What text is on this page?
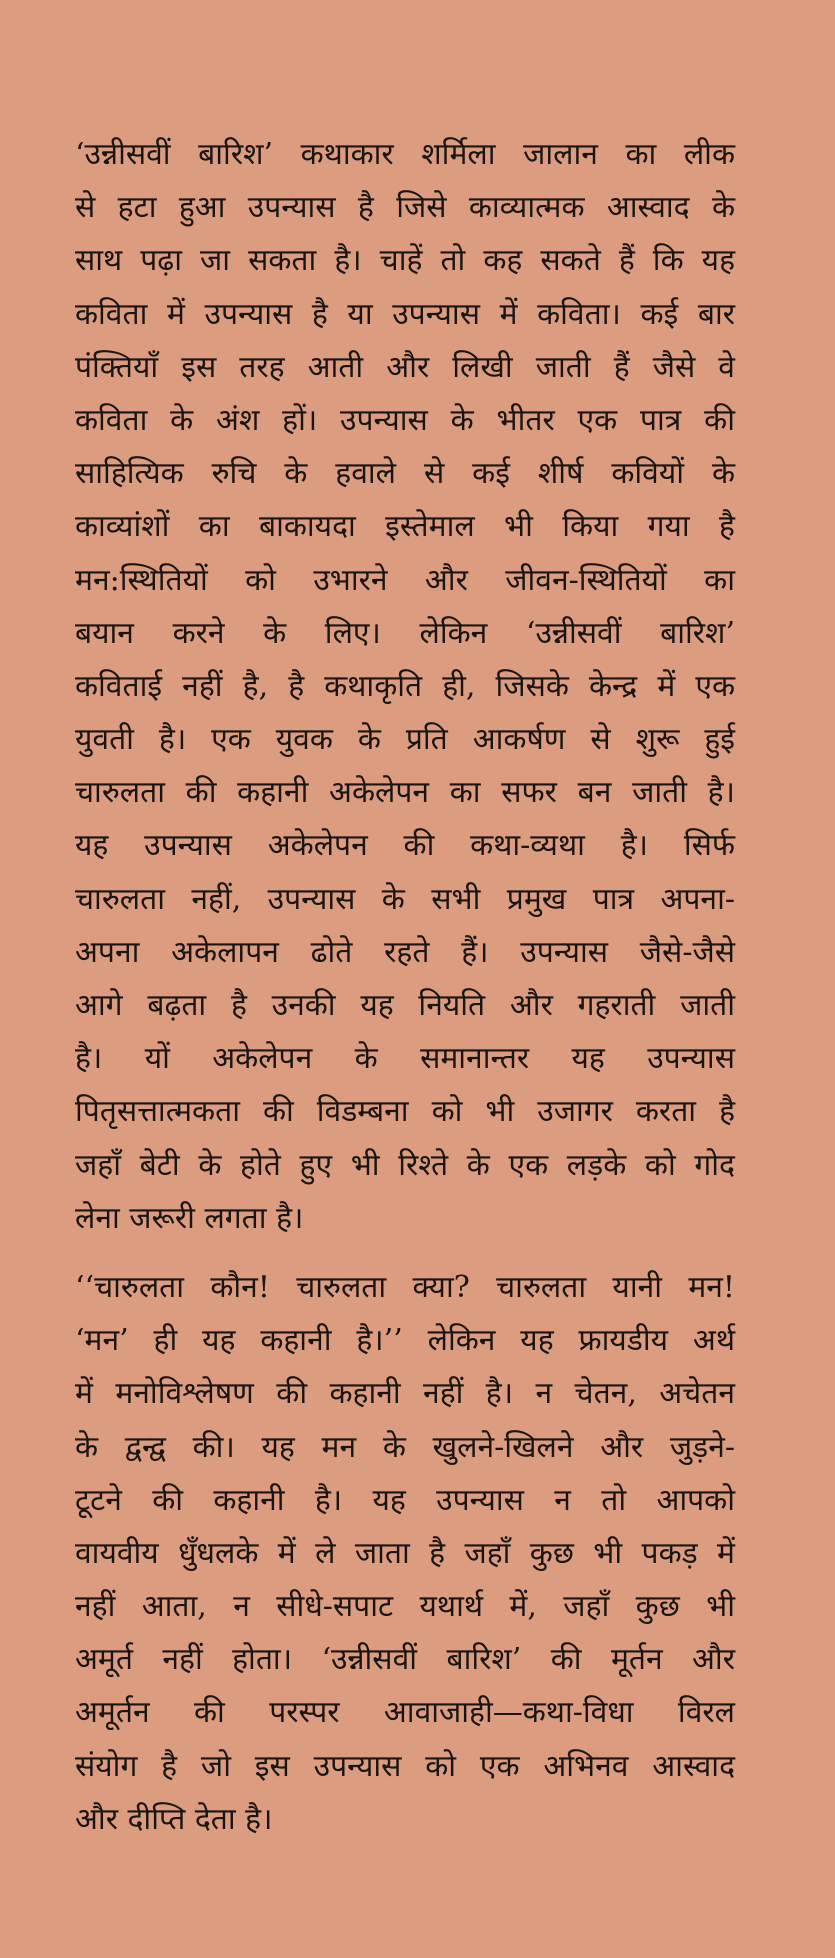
‘उन्नीसवीं बारिश’ कथाकार शर्मिला जालान का लीक
से हटा हुआ उपन्यास है जिसे काव्यात्मक आस्वाद के
साथ पढ़ा जा सकता है। चाहें तो कह सकते हैं कि यह
कविता में उपन्यास है या उपन्यास में कविता। कई बार
पंक्तियाँ इस तरह आती और लिखी जाती हैं जैसे वे
कविता के अंश हों। उपन्यास के भीतर एक पात्र की
साहित्यिक रुचि के हवाले से कई शीर्ष कवियों के
काव्यांशों का बाकायदा इस्तेमाल भी किया गया है
मन:स्थितियों को उभारने और जीवन-स्थितियों का
बयान करने के लिए। लेकिन ‘उन्नीसवीं बारिश’
कविताई नहीं है, है कथाकृति ही, जिसके केन्द्र में एक
युवती है। एक युवक के प्रति आकर्षण से शुरू हुई
चारुलता की कहानी अकेलेपन का सफर बन जाती है।
यह उपन्यास अकेलेपन की कथा-व्यथा है। सिर्फ
चारुलता नहीं, उपन्यास के सभी प्रमुख पात्र अपना-
अपना अकेलापन ढोते रहते हैं। उपन्यास जैसे-जैसे
आगे बढ़ता है उनकी यह नियति और गहराती जाती
है। यों अकेलेपन के समानान्तर यह उपन्यास
पितृसत्तात्मकता की विडम्बना को भी उजागर करता है
जहाँ बेटी के होते हुए भी रिश्ते के एक लड़के को गोद
लेना जरूरी लगता है।
‘‘चारुलता कौन! चारुलता क्या? चारुलता यानी मन!
‘मन’ ही यह कहानी है।’’ लेकिन यह फ्रायडीय अर्थ
में मनोविश्लेषण की कहानी नहीं है। न चेतन, अचेतन
के द्वन्द्व की। यह मन के खुलने-खिलने और जुड़ने-
टूटने की कहानी है। यह उपन्यास न तो आपको
वायवीय धुँधलके में ले जाता है जहाँ कुछ भी पकड़ में
नहीं आता, न सीधे-सपाट यथार्थ में, जहाँ कुछ भी
अमूर्त नहीं होता। ‘उन्नीसवीं बारिश’ की मूर्तन और
अमूर्तन की परस्पर आवाजाही—कथा-विधा विरल
संयोग है जो इस उपन्यास को एक अभिनव आस्वाद
और दीप्ति देता है।
